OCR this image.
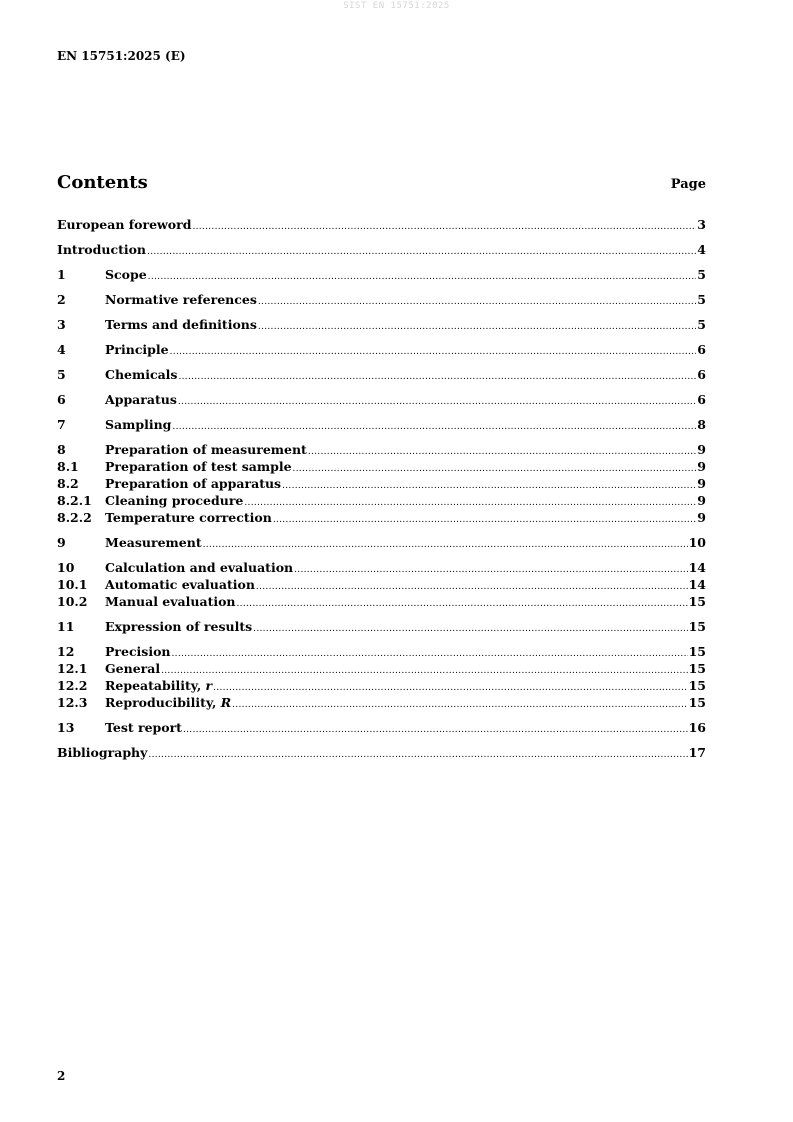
SIST EN 15751:2025
EN 15751:2025 (E)
Contents	Page
European foreword .....	3
Introduction .....	4
1	Scope .....	5
2	Normative references .....	5
3	Terms and definitions .....	5
4	Principle .....	6
5	Chemicals .....	6
6	Apparatus .....	6
7	Sampling .....	8
8	Preparation of measurement .....	9
8.1	Preparation of test sample .....	9
8.2	Preparation of apparatus .....	9
8.2.1	Cleaning procedure .....	9
8.2.2	Temperature correction .....	9
9	Measurement .....	10
10	Calculation and evaluation .....	14
10.1	Automatic evaluation .....	14
10.2	Manual evaluation .....	15
11	Expression of results .....	15
12	Precision .....	15
12.1	General .....	15
12.2	Repeatability, r .....	15
12.3	Reproducibility, R .....	15
13	Test report .....	16
Bibliography .....	17
2
